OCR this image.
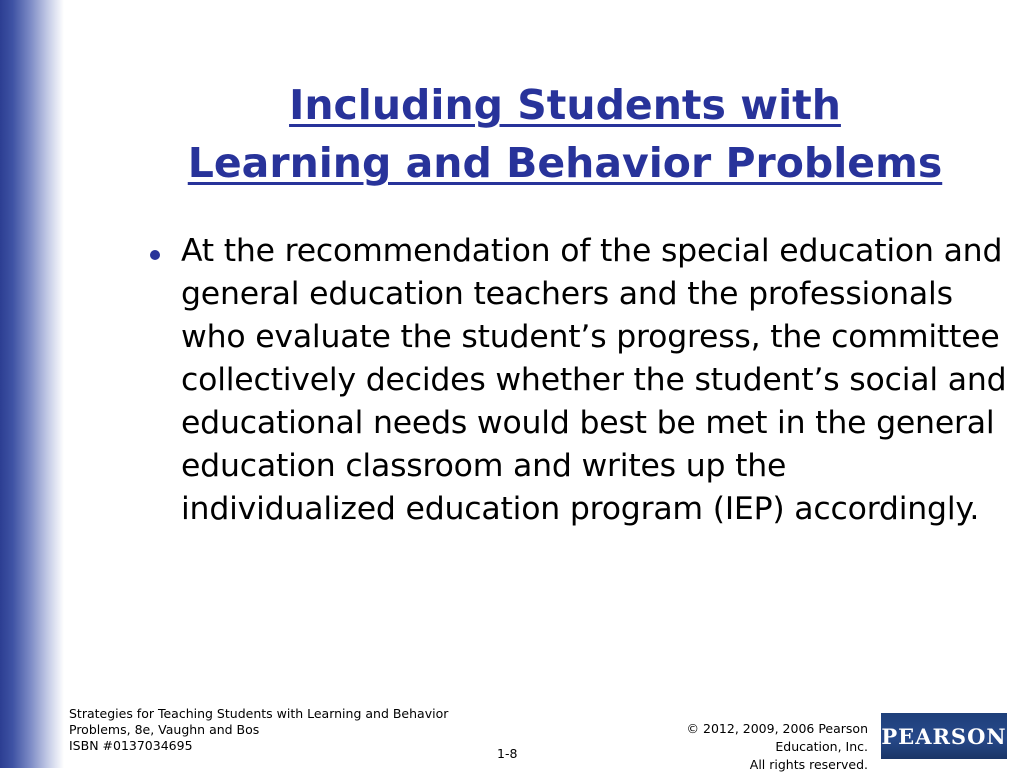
Including Students with
Learning and Behavior Problems
At the recommendation of the special education and general education teachers and the professionals who evaluate the student’s progress, the committee collectively decides whether the student’s social and educational needs would best be met in the general education classroom and writes up the individualized education program (IEP) accordingly.
Strategies for Teaching Students with Learning and Behavior
Problems, 8e, Vaughn and Bos
ISBN #0137034695
1-8
© 2012, 2009, 2006 Pearson
Education, Inc.
All rights reserved.
PEARSON
